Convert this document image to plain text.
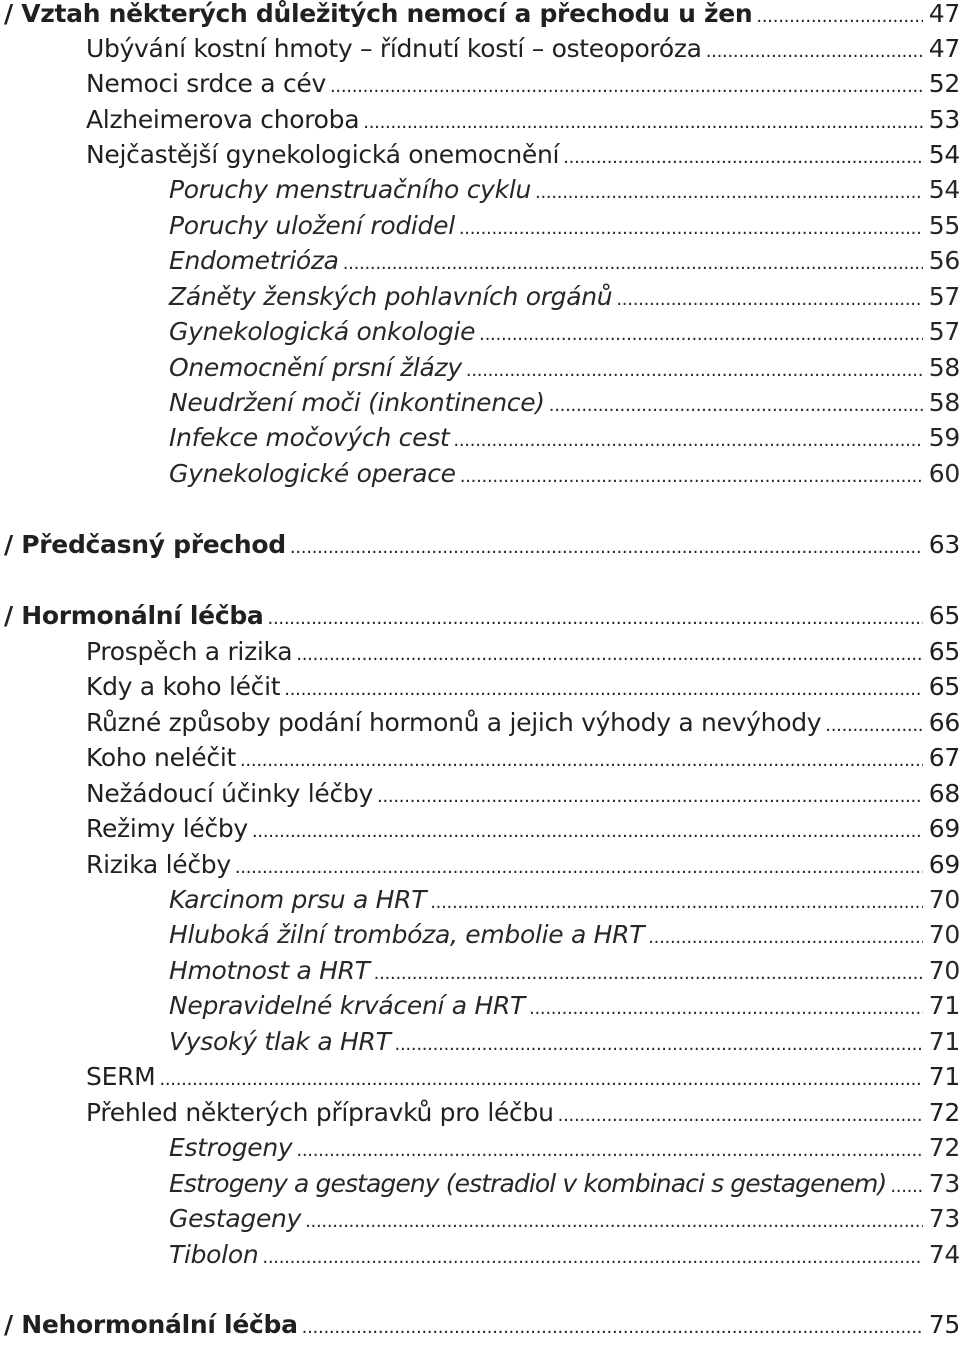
/ Vztah některých důležitých nemocí a přechodu u žen . . .	47
Ubývání kostní hmoty – řídnutí kostí – osteoporóza . . .	47
Nemoci srdce a cév . . .	52
Alzheimerova choroba . . .	53
Nejčastější gynekologická onemocnění . . .	54
Poruchy menstruačního cyklu . . .	54
Poruchy uložení rodidel . . .	55
Endometrióza . . .	56
Záněty ženských pohlavních orgánů . . .	57
Gynekologická onkologie . . .	57
Onemocnění prsní žlázy . . .	58
Neudržení moči (inkontinence) . . .	58
Infekce močových cest . . .	59
Gynekologické operace . . .	60
/ Předčasný přechod . . .	63
/ Hormonální léčba . . .	65
Prospěch a rizika . . .	65
Kdy a koho léčit . . .	65
Různé způsoby podání hormonů a jejich výhody a nevýhody . . .	66
Koho neléčit . . .	67
Nežádoucí účinky léčby . . .	68
Režimy léčby . . .	69
Rizika léčby . . .	69
Karcinom prsu a HRT . . .	70
Hluboká žilní trombóza, embolie a HRT . . .	70
Hmotnost a HRT . . .	70
Nepravidelné krvácení a HRT . . .	71
Vysoký tlak a HRT . . .	71
SERM . . .	71
Přehled některých přípravků pro léčbu . . .	72
Estrogeny . . .	72
Estrogeny a gestageny (estradiol v kombinaci s gestagenem) . . . 73
Gestageny . . .	73
Tibolon . . .	74
/ Nehormonální léčba . . .	75
